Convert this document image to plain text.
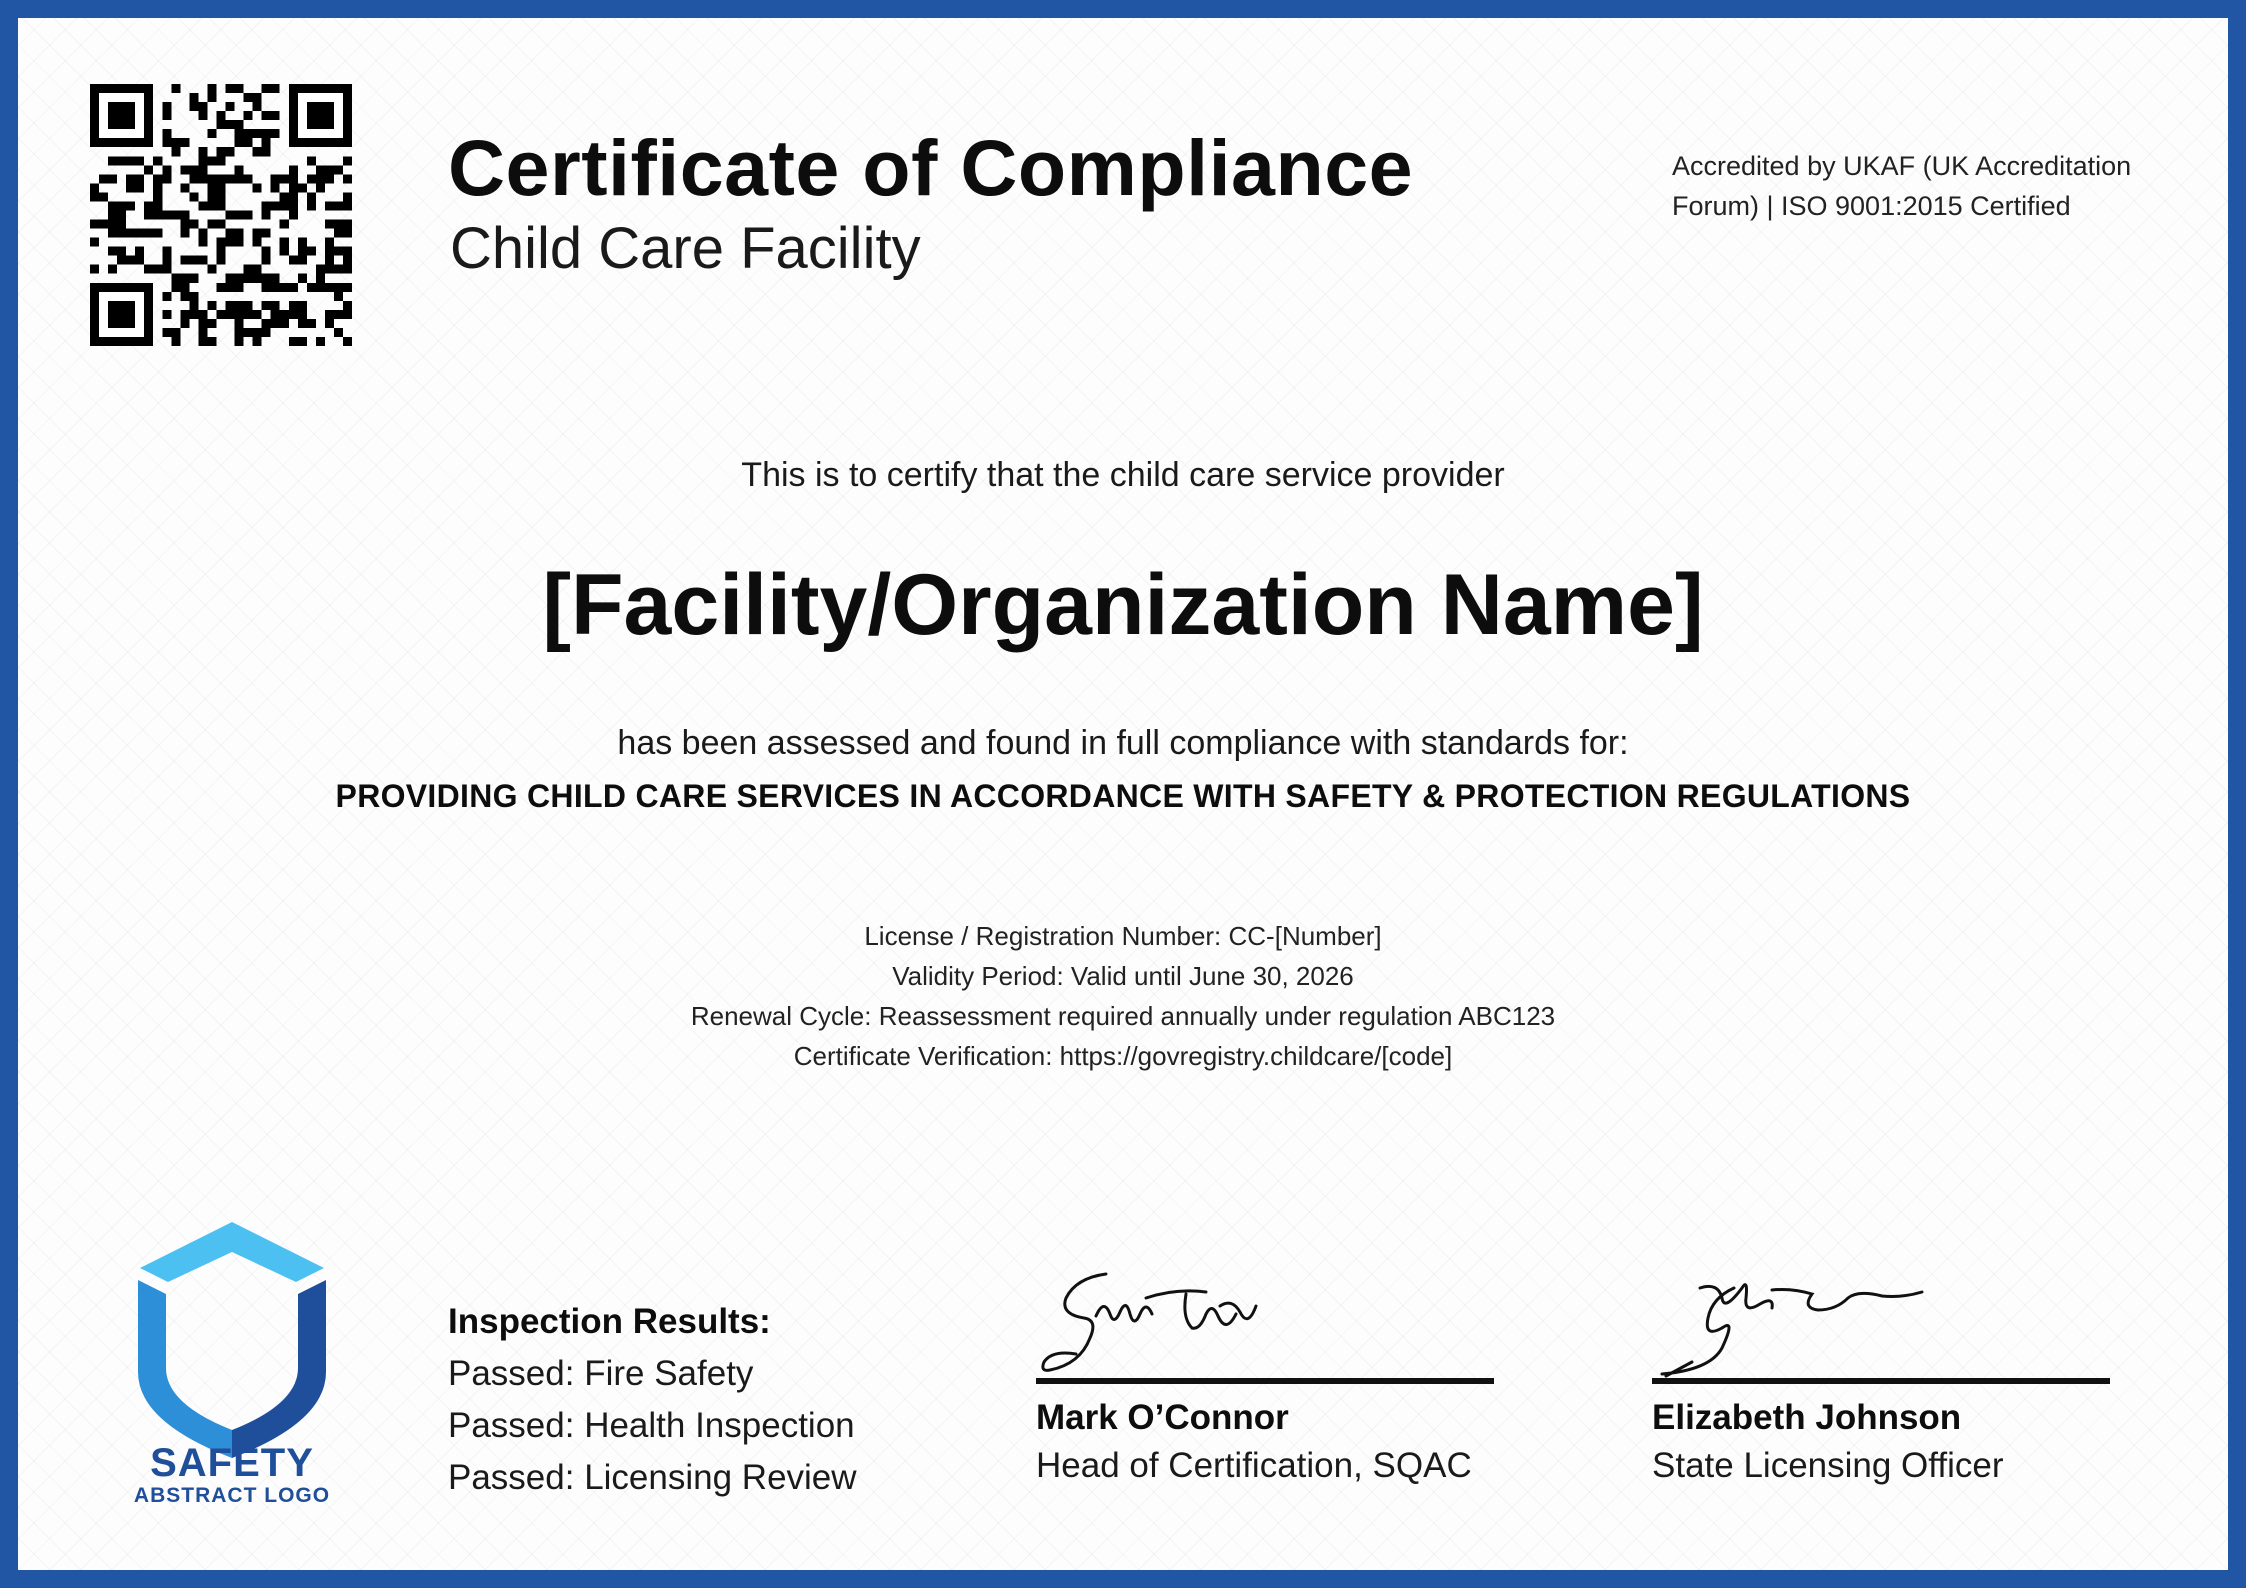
Certificate of Compliance
Child Care Facility
Accredited by UKAF (UK Accreditation Forum) | ISO 9001:2015 Certified
This is to certify that the child care service provider
[Facility/Organization Name]
has been assessed and found in full compliance with standards for:
PROVIDING CHILD CARE SERVICES IN ACCORDANCE WITH SAFETY & PROTECTION REGULATIONS
License / Registration Number: CC-[Number]
Validity Period: Valid until June 30, 2026
Renewal Cycle: Reassessment required annually under regulation ABC123
Certificate Verification: https://govregistry.childcare/[code]
SAFETY
ABSTRACT LOGO
Inspection Results:
Passed: Fire Safety
Passed: Health Inspection
Passed: Licensing Review
Mark O’Connor
Head of Certification, SQAC
Elizabeth Johnson
State Licensing Officer
